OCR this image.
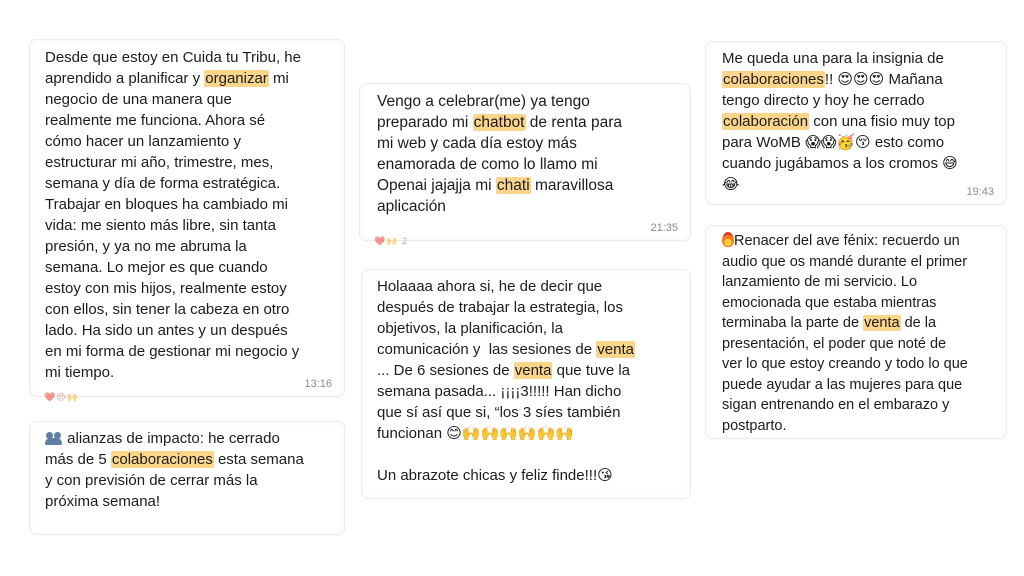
Desde que estoy en Cuida tu Tribu, he
aprendido a planificar y organizar mi
negocio de una manera que
realmente me funciona. Ahora sé
cómo hacer un lanzamiento y
estructurar mi año, trimestre, mes,
semana y día de forma estratégica.
Trabajar en bloques ha cambiado mi
vida: me siento más libre, sin tanta
presión, y ya no me abruma la
semana. Lo mejor es que cuando
estoy con mis hijos, realmente estoy
con ellos, sin tener la cabeza en otro
lado. Ha sido un antes y un después
en mi forma de gestionar mi negocio y
mi tiempo.

13:16
❤️😍🙌

alianzas de impacto: he cerrado
más de 5 colaboraciones esta semana
y con previsión de cerrar más la
próxima semana!

Vengo a celebrar(me) ya tengo
preparado mi chatbot de renta para
mi web y cada día estoy más
enamorada de como lo llamo mi
Openai jajajja mi chati maravillosa
aplicación

21:35
❤️🙌 2

Holaaaa ahora si, he de decir que
después de trabajar la estrategia, los
objetivos, la planificación, la
comunicación y  las sesiones de venta
... De 6 sesiones de venta que tuve la
semana pasada... ¡¡¡¡3!!!!! Han dicho
que sí así que si, “los 3 síes también
funcionan 😊🙌🙌🙌🙌🙌🙌

Un abrazote chicas y feliz finde!!!😘

Me queda una para la insignia de
colaboraciones!! 😍😍😍 Mañana
tengo directo y hoy he cerrado
colaboración con una fisio muy top
para WoMB 😱😱🥳😚 esto como
cuando jugábamos a los cromos 😅
😂	19:43

Renacer del ave fénix: recuerdo un
audio que os mandé durante el primer
lanzamiento de mi servicio. Lo
emocionada que estaba mientras
terminaba la parte de venta de la
presentación, el poder que noté de
ver lo que estoy creando y todo lo que
puede ayudar a las mujeres para que
sigan entrenando en el embarazo y
postparto.
